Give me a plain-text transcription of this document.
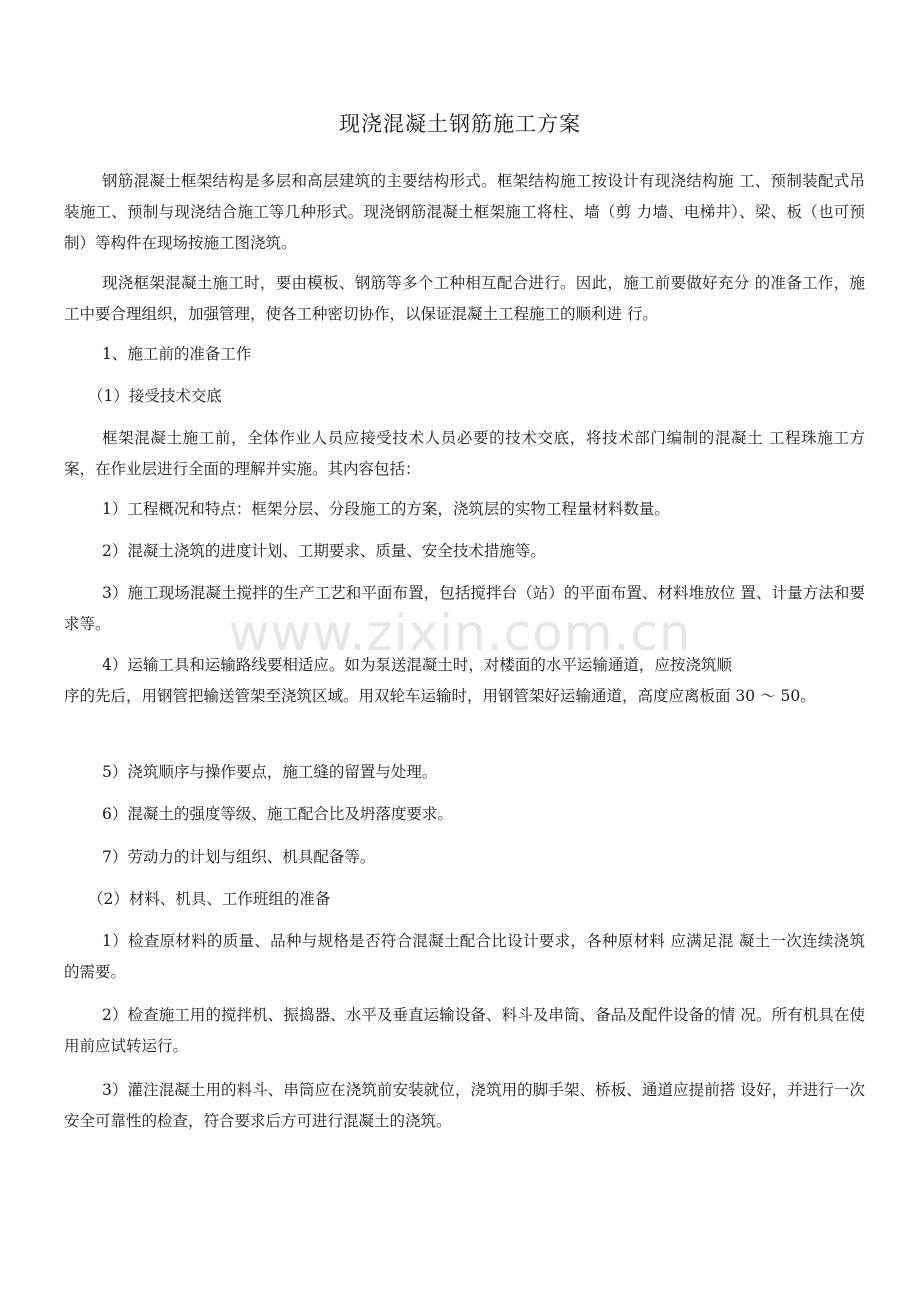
现浇混凝土钢筋施工方案

钢筋混凝土框架结构是多层和高层建筑的主要结构形式。框架结构施工按设计有现浇结构施 工、预制装配式吊装施工、预制与现浇结合施工等几种形式。现浇钢筋混凝土框架施工将柱、墙（剪 力墙、电梯井）、梁、板（也可预制）等构件在现场按施工图浇筑。

现浇框架混凝土施工时，要由模板、钢筋等多个工种相互配合进行。因此，施工前要做好充分 的准备工作，施工中要合理组织，加强管理，使各工种密切协作，以保证混凝土工程施工的顺利进 行。

1、施工前的准备工作
（1）接受技术交底

框架混凝土施工前，全体作业人员应接受技术人员必要的技术交底，将技术部门编制的混凝土 工程珠施工方案，在作业层进行全面的理解并实施。其内容包括：

1）工程概况和特点：框架分层、分段施工的方案，浇筑层的实物工程量材料数量。
2）混凝土浇筑的进度计划、工期要求、质量、安全技术措施等。

3）施工现场混凝土搅拌的生产工艺和平面布置，包括搅拌台（站）的平面布置、材料堆放位 置、计量方法和要求等。

4）运输工具和运输路线要相适应。如为泵送混凝土时，对楼面的水平运输通道，应按浇筑顺

序的先后，用钢管把输送管架至浇筑区域。用双轮车运输时，用钢管架好运输通道，高度应离板面 30 ～ 50。

5）浇筑顺序与操作要点，施工缝的留置与处理。
6）混凝土的强度等级、施工配合比及坍落度要求。
7）劳动力的计划与组织、机具配备等。
（2）材料、机具、工作班组的准备

1）检查原材料的质量、品种与规格是否符合混凝土配合比设计要求，各种原材料 应满足混 凝土一次连续浇筑的需要。

2）检查施工用的搅拌机、振捣器、水平及垂直运输设备、料斗及串筒、备品及配件设备的情 况。所有机具在使用前应试转运行。

3）灌注混凝土用的料斗、串筒应在浇筑前安装就位，浇筑用的脚手架、桥板、通道应提前搭 设好，并进行一次安全可靠性的检查，符合要求后方可进行混凝土的浇筑。

www.zixin.com.cn
